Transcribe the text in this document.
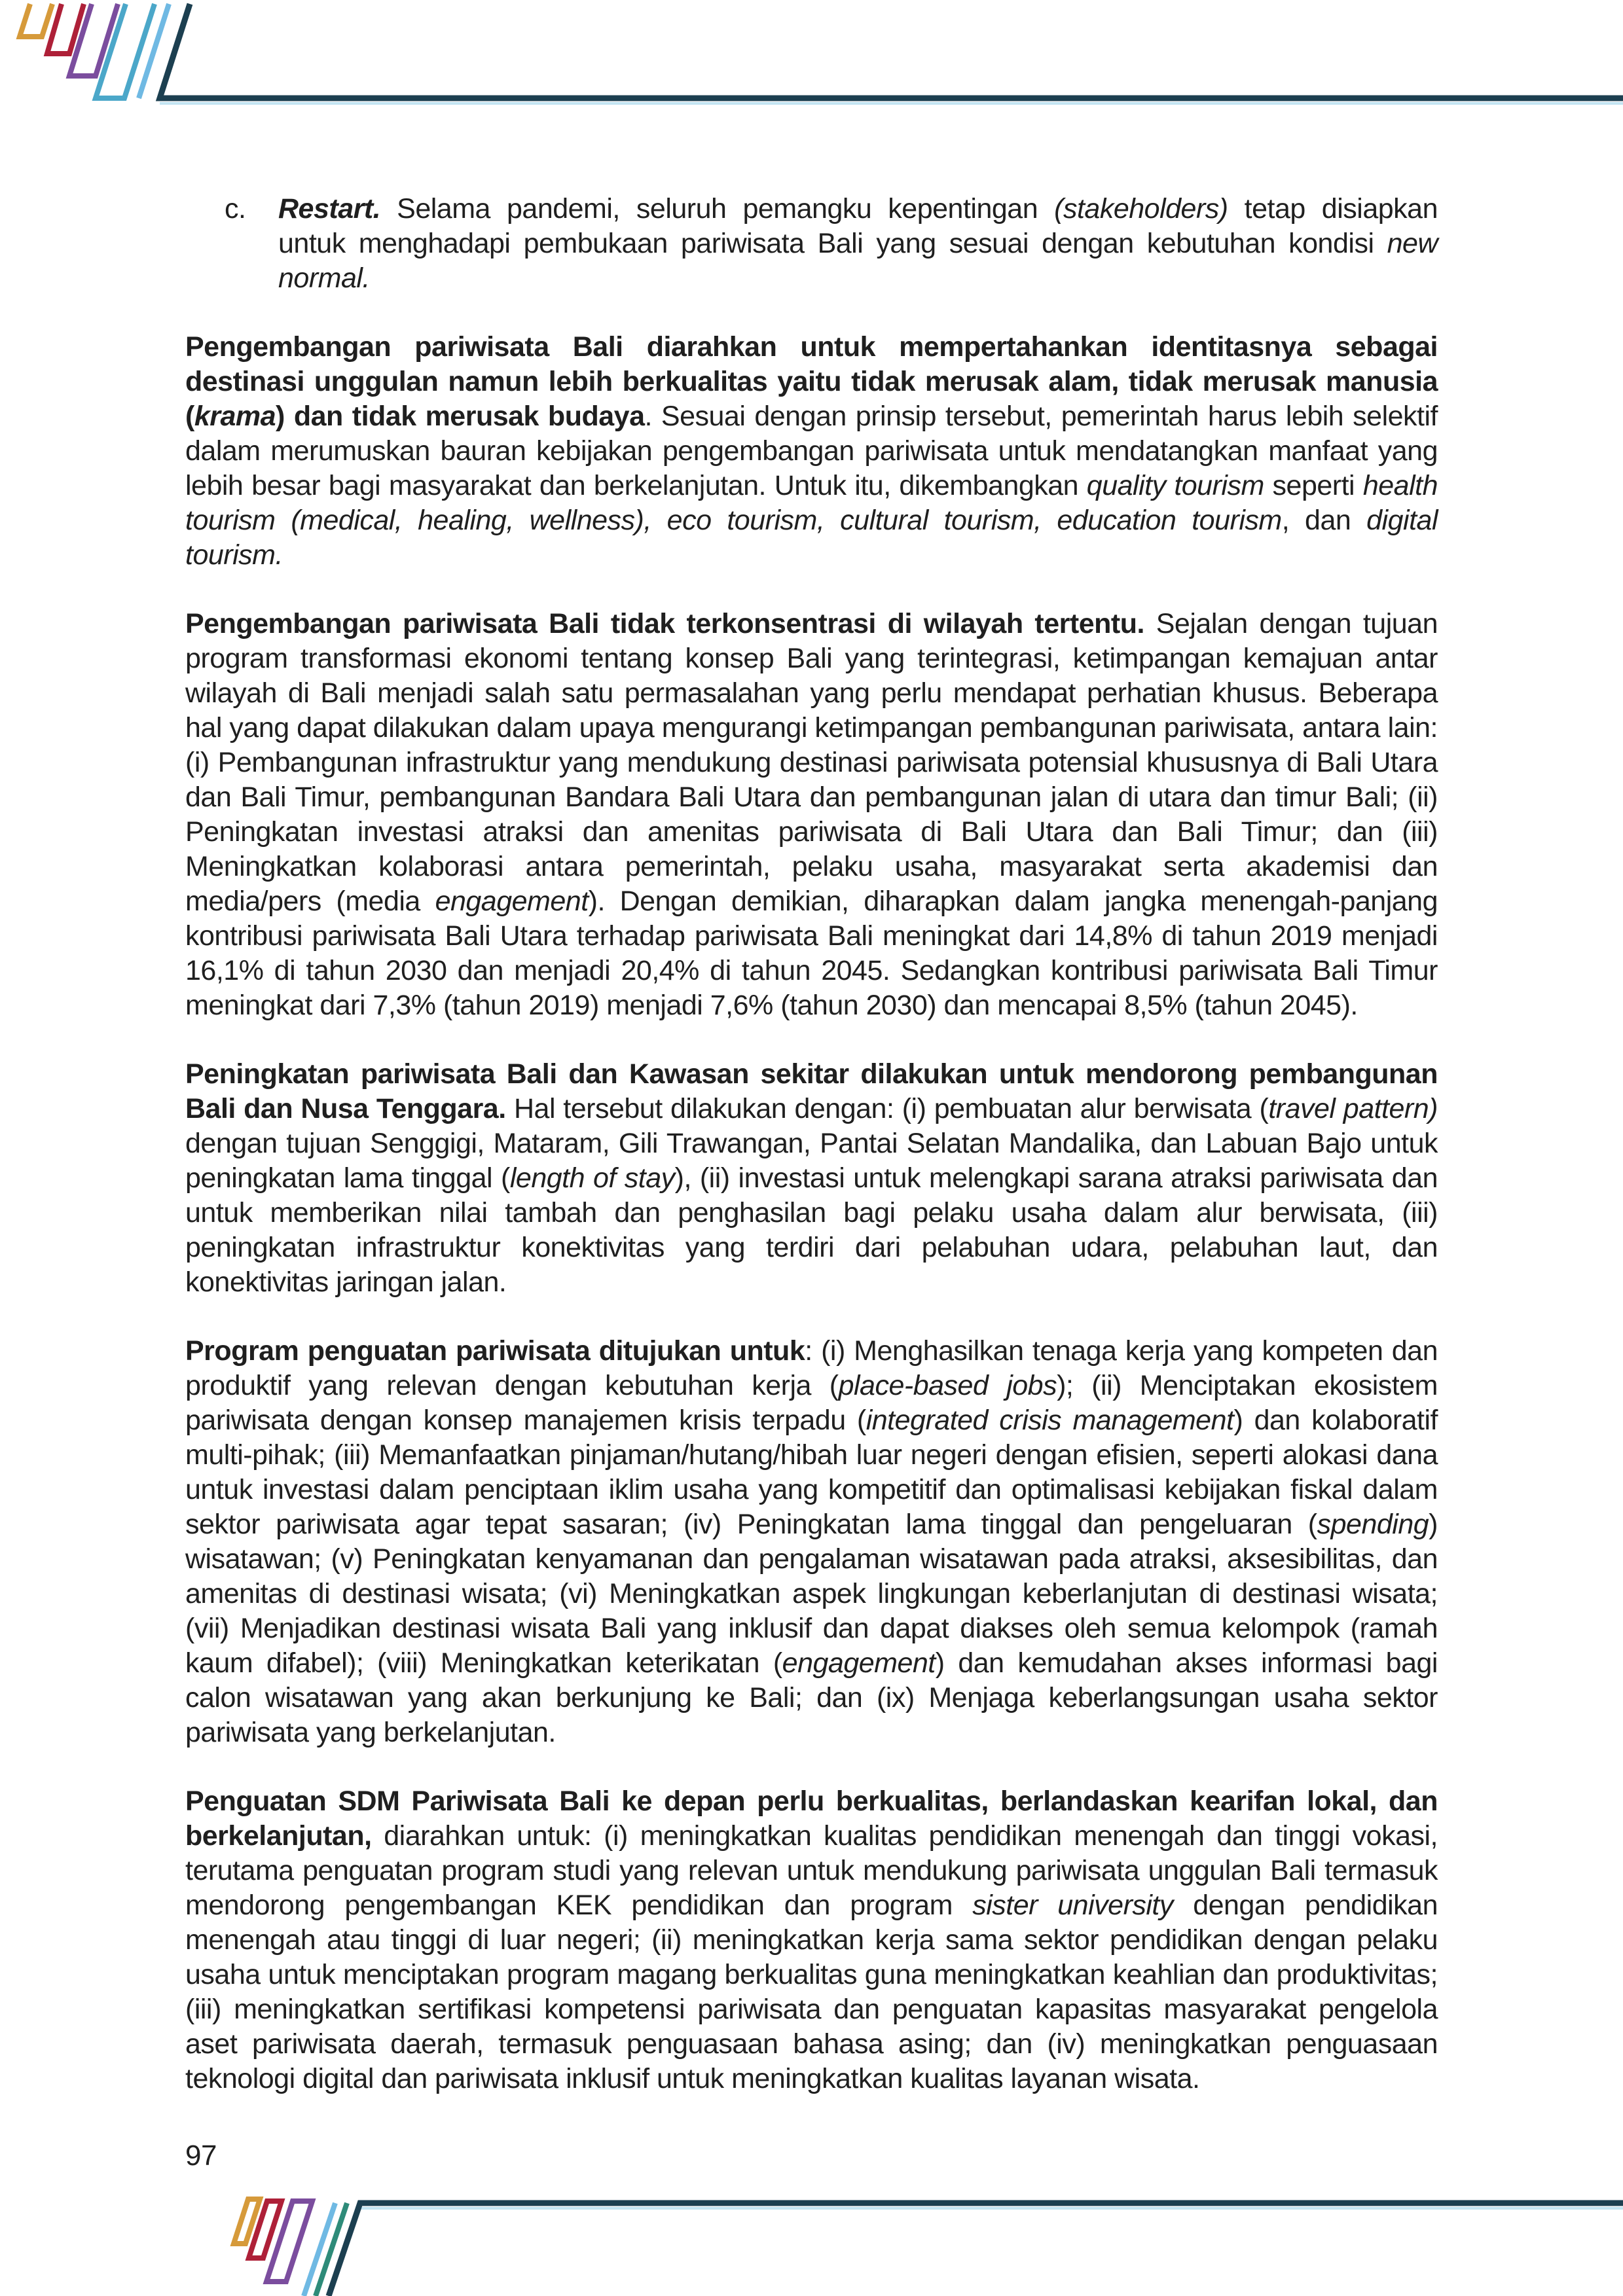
c.	Restart. Selama pandemi, seluruh pemangku kepentingan (stakeholders) tetap disiapkan untuk menghadapi pembukaan pariwisata Bali yang sesuai dengan kebutuhan kondisi new normal.

Pengembangan pariwisata Bali diarahkan untuk mempertahankan identitasnya sebagai destinasi unggulan namun lebih berkualitas yaitu tidak merusak alam, tidak merusak manusia (krama) dan tidak merusak budaya. Sesuai dengan prinsip tersebut, pemerintah harus lebih selektif dalam merumuskan bauran kebijakan pengembangan pariwisata untuk mendatangkan manfaat yang lebih besar bagi masyarakat dan berkelanjutan. Untuk itu, dikembangkan quality tourism seperti health tourism (medical, healing, wellness), eco tourism, cultural tourism, education tourism, dan digital tourism.

Pengembangan pariwisata Bali tidak terkonsentrasi di wilayah tertentu. Sejalan dengan tujuan program transformasi ekonomi tentang konsep Bali yang terintegrasi, ketimpangan kemajuan antar wilayah di Bali menjadi salah satu permasalahan yang perlu mendapat perhatian khusus. Beberapa hal yang dapat dilakukan dalam upaya mengurangi ketimpangan pembangunan pariwisata, antara lain: (i) Pembangunan infrastruktur yang mendukung destinasi pariwisata potensial khususnya di Bali Utara dan Bali Timur, pembangunan Bandara Bali Utara dan pembangunan jalan di utara dan timur Bali; (ii) Peningkatan investasi atraksi dan amenitas pariwisata di Bali Utara dan Bali Timur; dan (iii) Meningkatkan kolaborasi antara pemerintah, pelaku usaha, masyarakat serta akademisi dan media/pers (media engagement). Dengan demikian, diharapkan dalam jangka menengah-panjang kontribusi pariwisata Bali Utara terhadap pariwisata Bali meningkat dari 14,8% di tahun 2019 menjadi 16,1% di tahun 2030 dan menjadi 20,4% di tahun 2045. Sedangkan kontribusi pariwisata Bali Timur meningkat dari 7,3% (tahun 2019) menjadi 7,6% (tahun 2030) dan mencapai 8,5% (tahun 2045).

Peningkatan pariwisata Bali dan Kawasan sekitar dilakukan untuk mendorong pembangunan Bali dan Nusa Tenggara. Hal tersebut dilakukan dengan: (i) pembuatan alur berwisata (travel pattern) dengan tujuan Senggigi, Mataram, Gili Trawangan, Pantai Selatan Mandalika, dan Labuan Bajo untuk peningkatan lama tinggal (length of stay), (ii) investasi untuk melengkapi sarana atraksi pariwisata dan untuk memberikan nilai tambah dan penghasilan bagi pelaku usaha dalam alur berwisata, (iii) peningkatan infrastruktur konektivitas yang terdiri dari pelabuhan udara, pelabuhan laut, dan konektivitas jaringan jalan.

Program penguatan pariwisata ditujukan untuk: (i) Menghasilkan tenaga kerja yang kompeten dan produktif yang relevan dengan kebutuhan kerja (place-based jobs); (ii) Menciptakan ekosistem pariwisata dengan konsep manajemen krisis terpadu (integrated crisis management) dan kolaboratif multi-pihak; (iii) Memanfaatkan pinjaman/hutang/hibah luar negeri dengan efisien, seperti alokasi dana untuk investasi dalam penciptaan iklim usaha yang kompetitif dan optimalisasi kebijakan fiskal dalam sektor pariwisata agar tepat sasaran; (iv) Peningkatan lama tinggal dan pengeluaran (spending) wisatawan; (v) Peningkatan kenyamanan dan pengalaman wisatawan pada atraksi, aksesibilitas, dan amenitas di destinasi wisata; (vi) Meningkatkan aspek lingkungan keberlanjutan di destinasi wisata; (vii) Menjadikan destinasi wisata Bali yang inklusif dan dapat diakses oleh semua kelompok (ramah kaum difabel); (viii) Meningkatkan keterikatan (engagement) dan kemudahan akses informasi bagi calon wisatawan yang akan berkunjung ke Bali; dan (ix) Menjaga keberlangsungan usaha sektor pariwisata yang berkelanjutan.

Penguatan SDM Pariwisata Bali ke depan perlu berkualitas, berlandaskan kearifan lokal, dan berkelanjutan, diarahkan untuk: (i) meningkatkan kualitas pendidikan menengah dan tinggi vokasi, terutama penguatan program studi yang relevan untuk mendukung pariwisata unggulan Bali termasuk mendorong pengembangan KEK pendidikan dan program sister university dengan pendidikan menengah atau tinggi di luar negeri; (ii) meningkatkan kerja sama sektor pendidikan dengan pelaku usaha untuk menciptakan program magang berkualitas guna meningkatkan keahlian dan produktivitas; (iii) meningkatkan sertifikasi kompetensi pariwisata dan penguatan kapasitas masyarakat pengelola aset pariwisata daerah, termasuk penguasaan bahasa asing; dan (iv) meningkatkan penguasaan teknologi digital dan pariwisata inklusif untuk meningkatkan kualitas layanan wisata.

97
